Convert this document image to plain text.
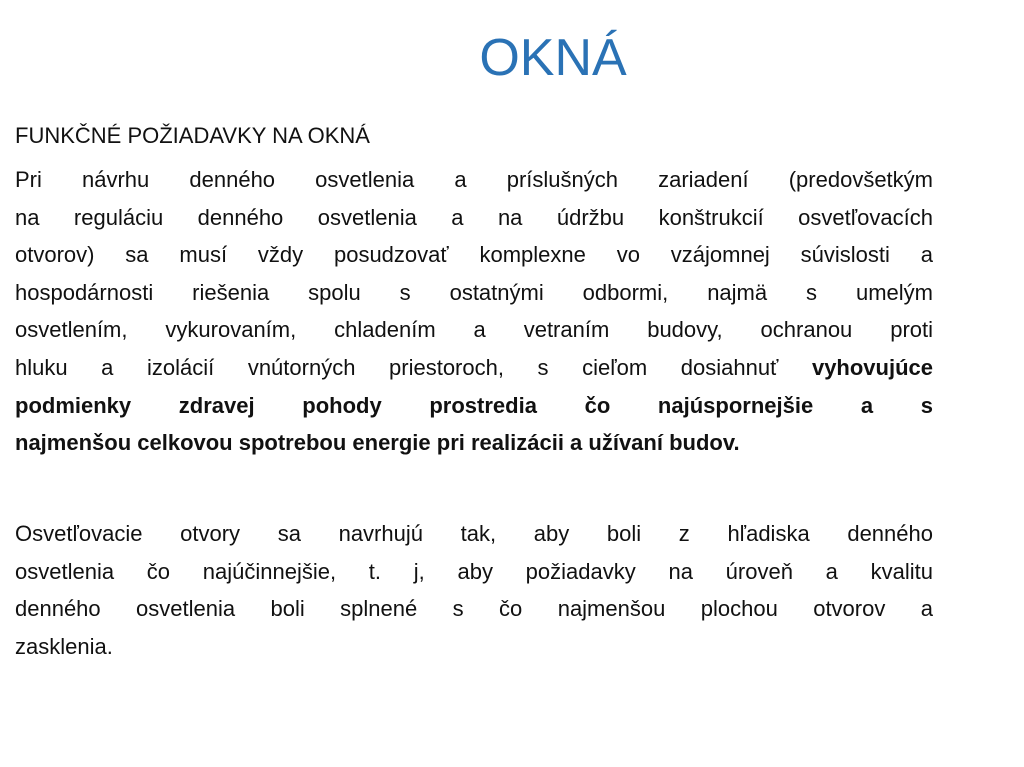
OKNÁ
FUNKČNÉ POŽIADAVKY NA OKNÁ
Pri návrhu denného osvetlenia a príslušných zariadení (predovšetkým
na reguláciu denného osvetlenia a na údržbu konštrukcií osvetľovacích
otvorov) sa musí vždy posudzovať komplexne vo vzájomnej súvislosti a
hospodárnosti riešenia spolu s ostatnými odbormi, najmä s umelým
osvetlením, vykurovaním, chladením a vetraním budovy, ochranou proti
hluku a izolácií vnútorných priestoroch, s cieľom dosiahnuť vyhovujúce
podmienky zdravej pohody prostredia čo najúspornejšie a s
najmenšou celkovou spotrebou energie pri realizácii a užívaní budov.
Osvetľovacie otvory sa navrhujú tak, aby boli z hľadiska denného
osvetlenia čo najúčinnejšie, t. j, aby požiadavky na úroveň a kvalitu
denného osvetlenia boli splnené s čo najmenšou plochou otvorov a
zasklenia.
